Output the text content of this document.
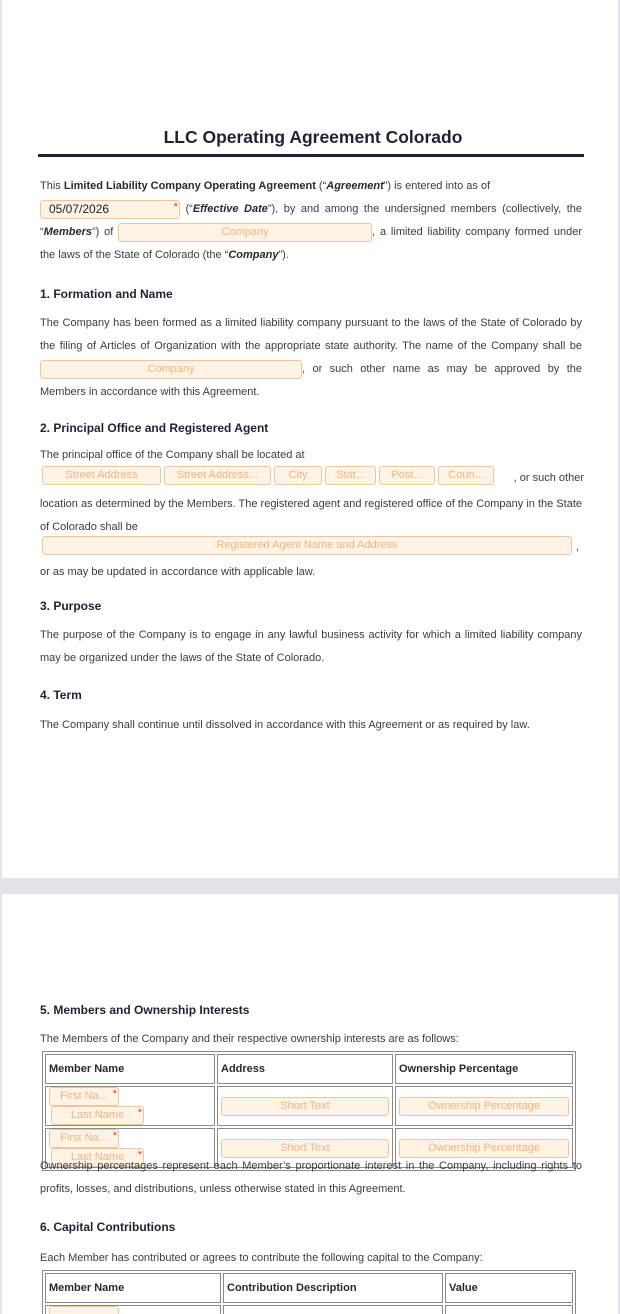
LLC Operating Agreement Colorado
This Limited Liability Company Operating Agreement (“Agreement”) is entered into as of
05/07/2026	* (“Effective Date”), by and among the undersigned members (collectively, the “Members”) of	Company	, a limited liability company formed under the laws of the State of Colorado (the “Company”).
1. Formation and Name
The Company has been formed as a limited liability company pursuant to the laws of the State of Colorado by the filing of Articles of Organization with the appropriate state authority. The name of the Company shall be Company	, or such other name as may be approved by the Members in accordance with this Agreement.
2. Principal Office and Registered Agent
The principal office of the Company shall be located at
Street Address	Street Address...	City	Stat...	Post...	Coun...	, or such other
location as determined by the Members. The registered agent and registered office of the Company in the State of Colorado shall be
Registered Agent Name and Address	,
or as may be updated in accordance with applicable law.
3. Purpose
The purpose of the Company is to engage in any lawful business activity for which a limited liability company may be organized under the laws of the State of Colorado.
4. Term
The Company shall continue until dissolved in accordance with this Agreement or as required by law.
5. Members and Ownership Interests
The Members of the Company and their respective ownership interests are as follows:
Member Name	Address	Ownership Percentage
First Na... *
Last Name *	Short Text	Ownership Percentage
First Na... *
Last Name *	Short Text	Ownership Percentage
Ownership percentages represent each Member’s proportionate interest in the Company, including rights to profits, losses, and distributions, unless otherwise stated in this Agreement.
6. Capital Contributions
Each Member has contributed or agrees to contribute the following capital to the Company:
Member Name	Contribution Description	Value
